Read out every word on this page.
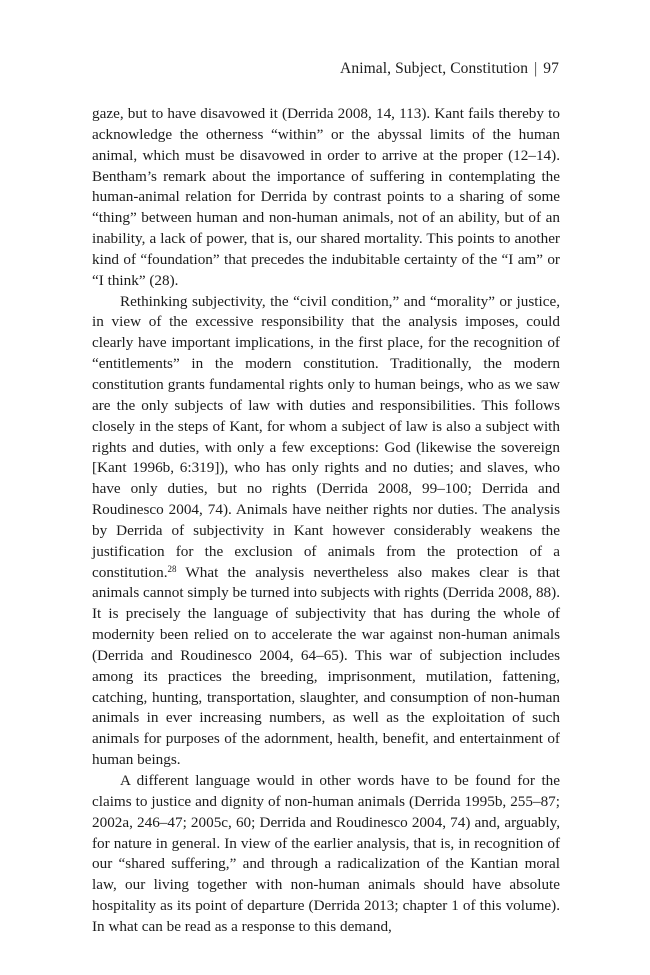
Animal, Subject, Constitution | 97

gaze, but to have disavowed it (Derrida 2008, 14, 113). Kant fails thereby to acknowledge the otherness “within” or the abyssal limits of the human animal, which must be disavowed in order to arrive at the proper (12–14). Bentham’s remark about the importance of suffering in contemplating the human-animal relation for Derrida by contrast points to a sharing of some “thing” between human and non-human animals, not of an ability, but of an inability, a lack of power, that is, our shared mortality. This points to another kind of “foundation” that precedes the indubitable certainty of the “I am” or “I think” (28).

Rethinking subjectivity, the “civil condition,” and “morality” or justice, in view of the excessive responsibility that the analysis imposes, could clearly have important implications, in the first place, for the recognition of “entitlements” in the modern constitution. Traditionally, the modern constitution grants fundamental rights only to human beings, who as we saw are the only subjects of law with duties and responsibilities. This follows closely in the steps of Kant, for whom a subject of law is also a subject with rights and duties, with only a few exceptions: God (likewise the sovereign [Kant 1996b, 6:319]), who has only rights and no duties; and slaves, who have only duties, but no rights (Derrida 2008, 99–100; Derrida and Roudinesco 2004, 74). Animals have neither rights nor duties. The analysis by Derrida of subjectivity in Kant however considerably weakens the justification for the exclusion of animals from the protection of a constitution.$^{28}$ What the analysis nevertheless also makes clear is that animals cannot simply be turned into subjects with rights (Derrida 2008, 88). It is precisely the language of subjectivity that has during the whole of modernity been relied on to accelerate the war against non-human animals (Derrida and Roudinesco 2004, 64–65). This war of subjection includes among its practices the breeding, imprisonment, mutilation, fattening, catching, hunting, transportation, slaughter, and consumption of non-human animals in ever increasing numbers, as well as the exploitation of such animals for purposes of the adornment, health, benefit, and entertainment of human beings.

A different language would in other words have to be found for the claims to justice and dignity of non-human animals (Derrida 1995b, 255–87; 2002a, 246–47; 2005c, 60; Derrida and Roudinesco 2004, 74) and, arguably, for nature in general. In view of the earlier analysis, that is, in recognition of our “shared suffering,” and through a radicalization of the Kantian moral law, our living together with non-human animals should have absolute hospitality as its point of departure (Derrida 2013; chapter 1 of this volume). In what can be read as a response to this demand,
